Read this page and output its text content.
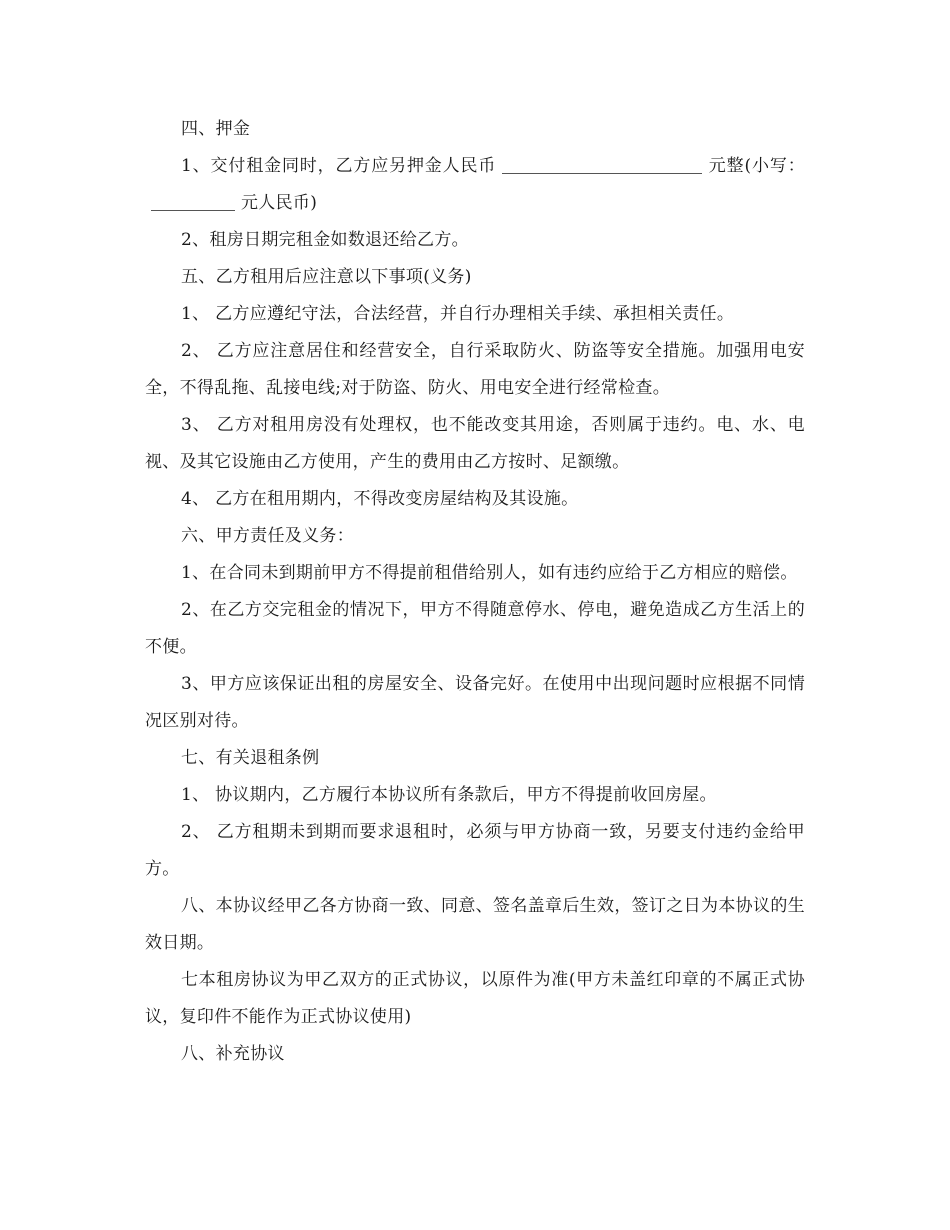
四、押金

1、交付租金同时，乙方应另押金人民币	元整(小写：元人民币)

2、租房日期完租金如数退还给乙方。

五、乙方租用后应注意以下事项(义务)

1、 乙方应遵纪守法，合法经营，并自行办理相关手续、承担相关责任。

2、 乙方应注意居住和经营安全，自行采取防火、防盗等安全措施。加强用电安全，不得乱拖、乱接电线;对于防盗、防火、用电安全进行经常检查。

3、 乙方对租用房没有处理权，也不能改变其用途，否则属于违约。电、水、电视、及其它设施由乙方使用，产生的费用由乙方按时、足额缴。

4、 乙方在租用期内，不得改变房屋结构及其设施。

六、甲方责任及义务：

1、在合同未到期前甲方不得提前租借给别人，如有违约应给于乙方相应的赔偿。

2、在乙方交完租金的情况下，甲方不得随意停水、停电，避免造成乙方生活上的不便。

3、甲方应该保证出租的房屋安全、设备完好。在使用中出现问题时应根据不同情况区别对待。

七、有关退租条例

1、 协议期内，乙方履行本协议所有条款后，甲方不得提前收回房屋。

2、 乙方租期未到期而要求退租时，必须与甲方协商一致，另要支付违约金给甲方。

八、本协议经甲乙各方协商一致、同意、签名盖章后生效，签订之日为本协议的生效日期。

七本租房协议为甲乙双方的正式协议，以原件为准(甲方未盖红印章的不属正式协议，复印件不能作为正式协议使用)

八、补充协议
